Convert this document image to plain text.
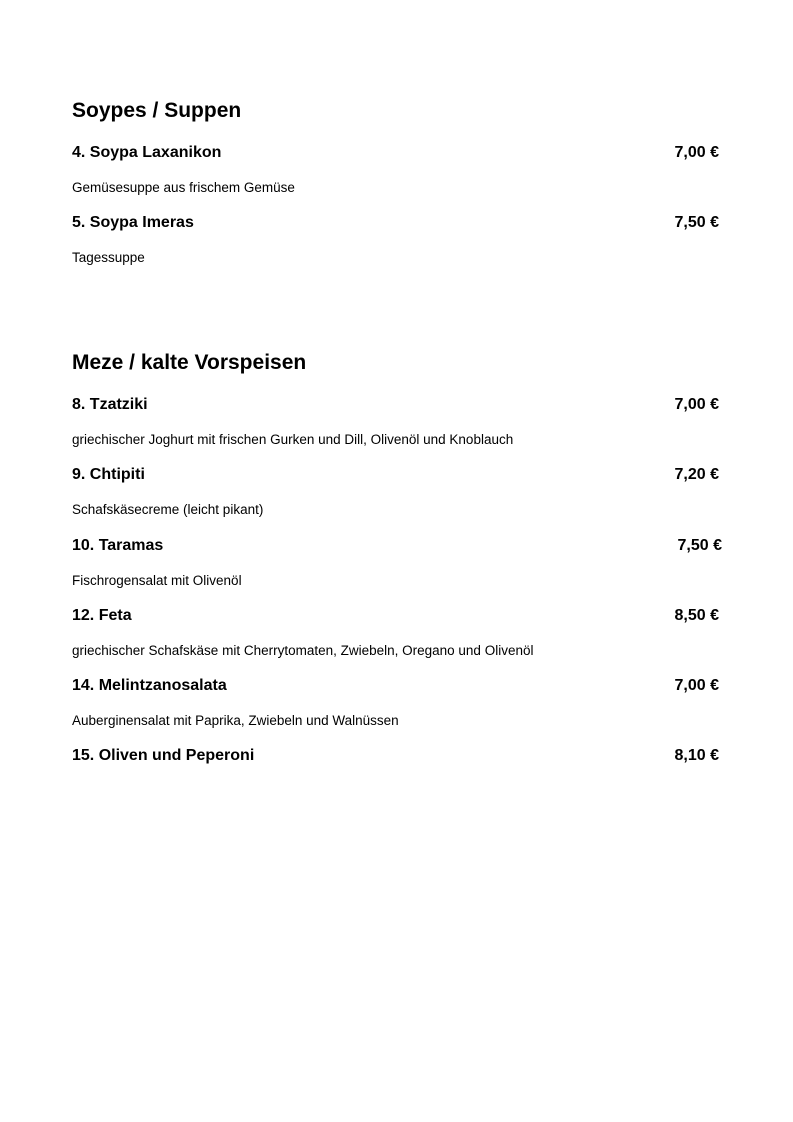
Soypes / Suppen
4. Soypa Laxanikon	7,00 €
Gemüsesuppe aus frischem Gemüse
5. Soypa Imeras	7,50 €
Tagessuppe
Meze / kalte Vorspeisen
8. Tzatziki	7,00 €
griechischer Joghurt mit frischen Gurken und Dill, Olivenöl und Knoblauch
9. Chtipiti	7,20 €
Schafskäsecreme (leicht pikant)
10. Taramas	7,50 €
Fischrogensalat mit Olivenöl
12. Feta	8,50 €
griechischer Schafskäse mit Cherrytomaten, Zwiebeln, Oregano und Olivenöl
14. Melintzanosalata	7,00 €
Auberginensalat mit Paprika, Zwiebeln und Walnüssen
15. Oliven und Peperoni	8,10 €
